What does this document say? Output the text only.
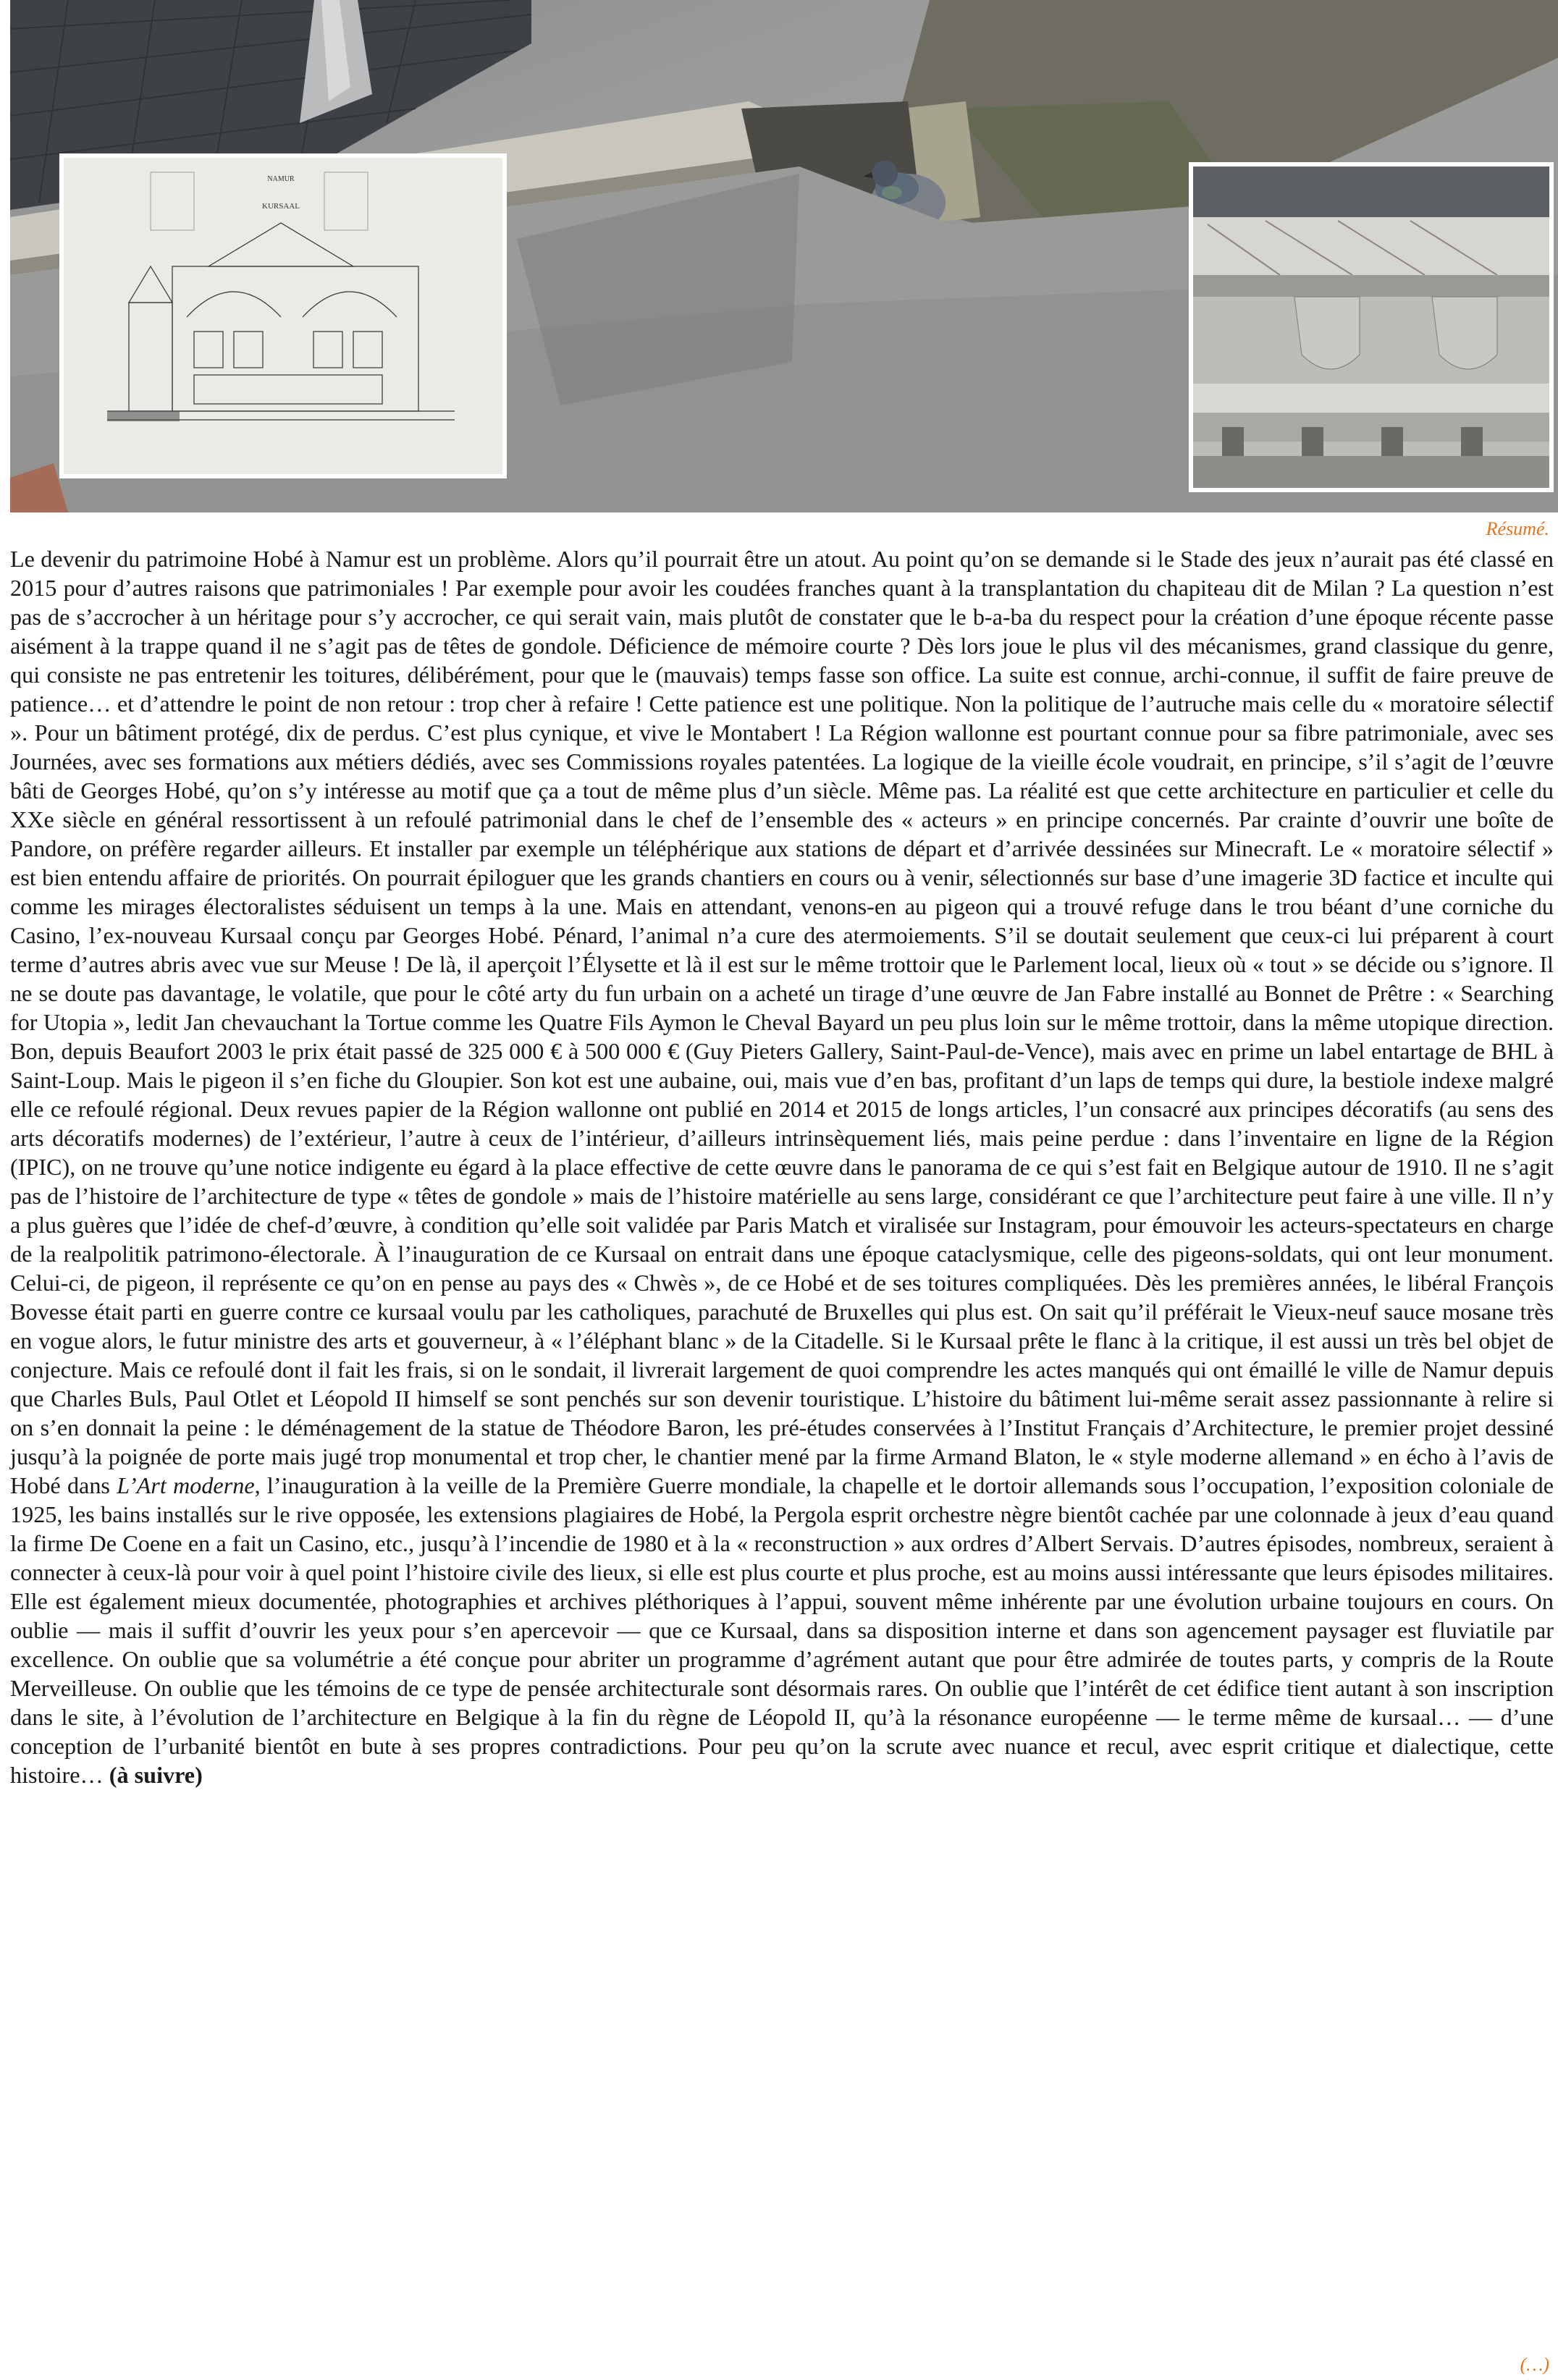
NAMUR
KURSAAL
Résumé.

Le devenir du patrimoine Hobé à Namur est un problème. Alors qu’il pourrait être un atout. Au point qu’on se demande si le Stade des jeux n’aurait pas été classé en 2015 pour d’autres raisons que patrimoniales ! Par exemple pour avoir les coudées franches quant à la transplantation du chapiteau dit de Milan ? La question n’est pas de s’accrocher à un héritage pour s’y accrocher, ce qui serait vain, mais plutôt de constater que le b-a-ba du respect pour la création d’une époque récente passe aisément à la trappe quand il ne s’agit pas de têtes de gondole. Déficience de mémoire courte ? Dès lors joue le plus vil des mécanismes, grand classique du genre, qui consiste ne pas entretenir les toitures, délibérément, pour que le (mauvais) temps fasse son office. La suite est connue, archi-connue, il suffit de faire preuve de patience… et d’attendre le point de non retour : trop cher à refaire ! Cette patience est une politique. Non la politique de l’autruche mais celle du « moratoire sélectif ». Pour un bâtiment protégé, dix de perdus. C’est plus cynique, et vive le Montabert ! La Région wallonne est pourtant connue pour sa fibre patrimoniale, avec ses Journées, avec ses formations aux métiers dédiés, avec ses Commissions royales patentées. La logique de la vieille école voudrait, en principe, s’il s’agit de l’œuvre bâti de Georges Hobé, qu’on s’y intéresse au motif que ça a tout de même plus d’un siècle. Même pas. La réalité est que cette architecture en particulier et celle du XXe siècle en général ressortissent à un refoulé patrimonial dans le chef de l’ensemble des « acteurs » en principe concernés. Par crainte d’ouvrir une boîte de Pandore, on préfère regarder ailleurs. Et installer par exemple un téléphérique aux stations de départ et d’arrivée dessinées sur Minecraft. Le « moratoire sélectif » est bien entendu affaire de priorités. On pourrait épiloguer que les grands chantiers en cours ou à venir, sélectionnés sur base d’une imagerie 3D factice et inculte qui comme les mirages électoralistes séduisent un temps à la une. Mais en attendant, venons-en au pigeon qui a trouvé refuge dans le trou béant d’une corniche du Casino, l’ex-nouveau Kursaal conçu par Georges Hobé. Pénard, l’animal n’a cure des atermoiements. S’il se doutait seulement que ceux-ci lui préparent à court terme d’autres abris avec vue sur Meuse ! De là, il aperçoit l’Élysette et là il est sur le même trottoir que le Parlement local, lieux où « tout » se décide ou s’ignore. Il ne se doute pas davantage, le volatile, que pour le côté arty du fun urbain on a acheté un tirage d’une œuvre de Jan Fabre installé au Bonnet de Prêtre : « Searching for Utopia », ledit Jan chevauchant la Tortue comme les Quatre Fils Aymon le Cheval Bayard un peu plus loin sur le même trottoir, dans la même utopique direction. Bon, depuis Beaufort 2003 le prix était passé de 325 000 € à 500 000 € (Guy Pieters Gallery, Saint-Paul-de-Vence), mais avec en prime un label entartage de BHL à Saint-Loup. Mais le pigeon il s’en fiche du Gloupier. Son kot est une aubaine, oui, mais vue d’en bas, profitant d’un laps de temps qui dure, la bestiole indexe malgré elle ce refoulé régional. Deux revues papier de la Région wallonne ont publié en 2014 et 2015 de longs articles, l’un consacré aux principes décoratifs (au sens des arts décoratifs modernes) de l’extérieur, l’autre à ceux de l’intérieur, d’ailleurs intrinsèquement liés, mais peine perdue : dans l’inventaire en ligne de la Région (IPIC), on ne trouve qu’une notice indigente eu égard à la place effective de cette œuvre dans le panorama de ce qui s’est fait en Belgique autour de 1910. Il ne s’agit pas de l’histoire de l’architecture de type « têtes de gondole » mais de l’histoire matérielle au sens large, considérant ce que l’architecture peut faire à une ville. Il n’y a plus guères que l’idée de chef-d’œuvre, à condition qu’elle soit validée par Paris Match et viralisée sur Instagram, pour émouvoir les acteurs-spectateurs en charge de la realpolitik patrimono-électorale. À l’inauguration de ce Kursaal on entrait dans une époque cataclysmique, celle des pigeons-soldats, qui ont leur monument. Celui-ci, de pigeon, il représente ce qu’on en pense au pays des « Chwès », de ce Hobé et de ses toitures compliquées. Dès les premières années, le libéral François Bovesse était parti en guerre contre ce kursaal voulu par les catholiques, parachuté de Bruxelles qui plus est. On sait qu’il préférait le Vieux-neuf sauce mosane très en vogue alors, le futur ministre des arts et gouverneur, à « l’éléphant blanc » de la Citadelle. Si le Kursaal prête le flanc à la critique, il est aussi un très bel objet de conjecture. Mais ce refoulé dont il fait les frais, si on le sondait, il livrerait largement de quoi comprendre les actes manqués qui ont émaillé le ville de Namur depuis que Charles Buls, Paul Otlet et Léopold II himself se sont penchés sur son devenir touristique. L’histoire du bâtiment lui-même serait assez passionnante à relire si on s’en donnait la peine : le déménagement de la statue de Théodore Baron, les pré-études conservées à l’Institut Français d’Architecture, le premier projet dessiné jusqu’à la poignée de porte mais jugé trop monumental et trop cher, le chantier mené par la firme Armand Blaton, le « style moderne allemand » en écho à l’avis de Hobé dans L’Art moderne, l’inauguration à la veille de la Première Guerre mondiale, la chapelle et le dortoir allemands sous l’occupation, l’exposition coloniale de 1925, les bains installés sur le rive opposée, les extensions plagiaires de Hobé, la Pergola esprit orchestre nègre bientôt cachée par une colonnade à jeux d’eau quand la firme De Coene en a fait un Casino, etc., jusqu’à l’incendie de 1980 et à la « reconstruction » aux ordres d’Albert Servais. D’autres épisodes, nombreux, seraient à connecter à ceux-là pour voir à quel point l’histoire civile des lieux, si elle est plus courte et plus proche, est au moins aussi intéressante que leurs épisodes militaires. Elle est également mieux documentée, photographies et archives pléthoriques à l’appui, souvent même inhérente par une évolution urbaine toujours en cours. On oublie — mais il suffit d’ouvrir les yeux pour s’en apercevoir — que ce Kursaal, dans sa disposition interne et dans son agencement paysager est fluviatile par excellence. On oublie que sa volumétrie a été conçue pour abriter un programme d’agrément autant que pour être admirée de toutes parts, y compris de la Route Merveilleuse. On oublie que les témoins de ce type de pensée architecturale sont désormais rares. On oublie que l’intérêt de cet édifice tient autant à son inscription dans le site, à l’évolution de l’architecture en Belgique à la fin du règne de Léopold II, qu’à la résonance européenne — le terme même de kursaal… — d’une conception de l’urbanité bientôt en bute à ses propres contradictions. Pour peu qu’on la scrute avec nuance et recul, avec esprit critique et dialectique, cette histoire… (à suivre)

(…)
